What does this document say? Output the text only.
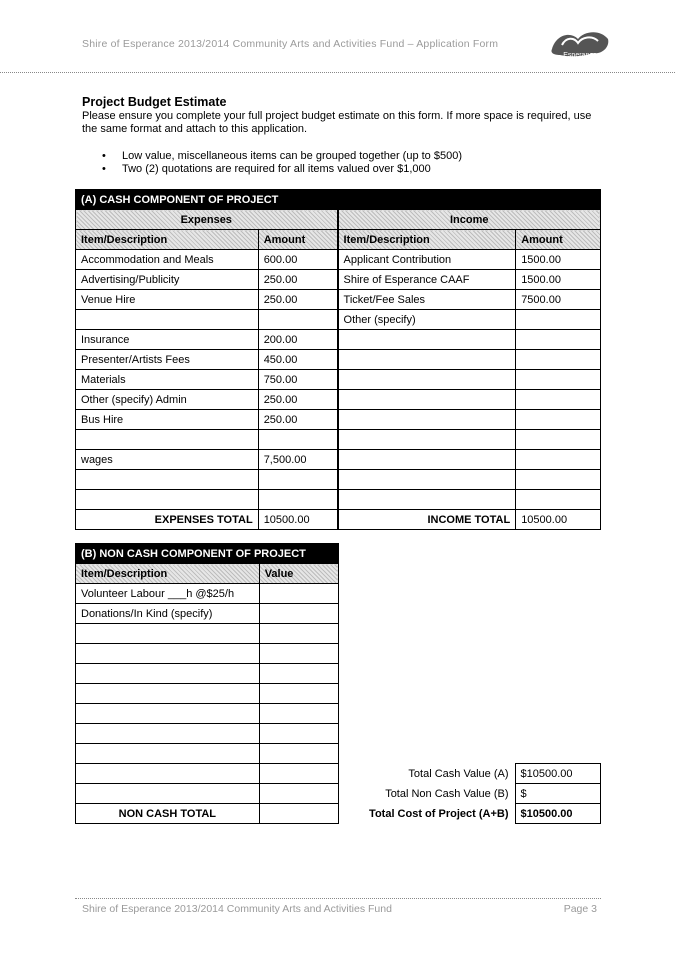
Shire of Esperance 2013/2014 Community Arts and Activities Fund – Application Form
Esperance
Project Budget Estimate
Please ensure you complete your full project budget estimate on this form. If more space is required, use the same format and attach to this application.
• Low value, miscellaneous items can be grouped together (up to $500)
• Two (2) quotations are required for all items valued over $1,000
(A) CASH COMPONENT OF PROJECT			
Expenses		Income	
Item/Description	Amount		Item/Description	Amount
Accommodation and Meals	600.00		Applicant Contribution	1500.00
Advertising/Publicity	250.00		Shire of Esperance CAAF	1500.00
Venue Hire	250.00		Ticket/Fee Sales	7500.00
			Other (specify)	
Insurance	200.00			
Presenter/Artists Fees	450.00			
Materials	750.00			
Other (specify) Admin	250.00			
Bus Hire	250.00			

wages	7,500.00			

EXPENSES TOTAL	10500.00		INCOME TOTAL	10500.00
(B) NON CASH COMPONENT OF PROJECT	
Item/Description	Value
Volunteer Labour ___h @$25/h	
Donations/In Kind (specify)	

NON CASH TOTAL	
Total Cash Value (A)	$10500.00
Total Non Cash Value (B)	$
Total Cost of Project (A+B)	$10500.00
Shire of Esperance 2013/2014 Community Arts and Activities Fund	Page 3
